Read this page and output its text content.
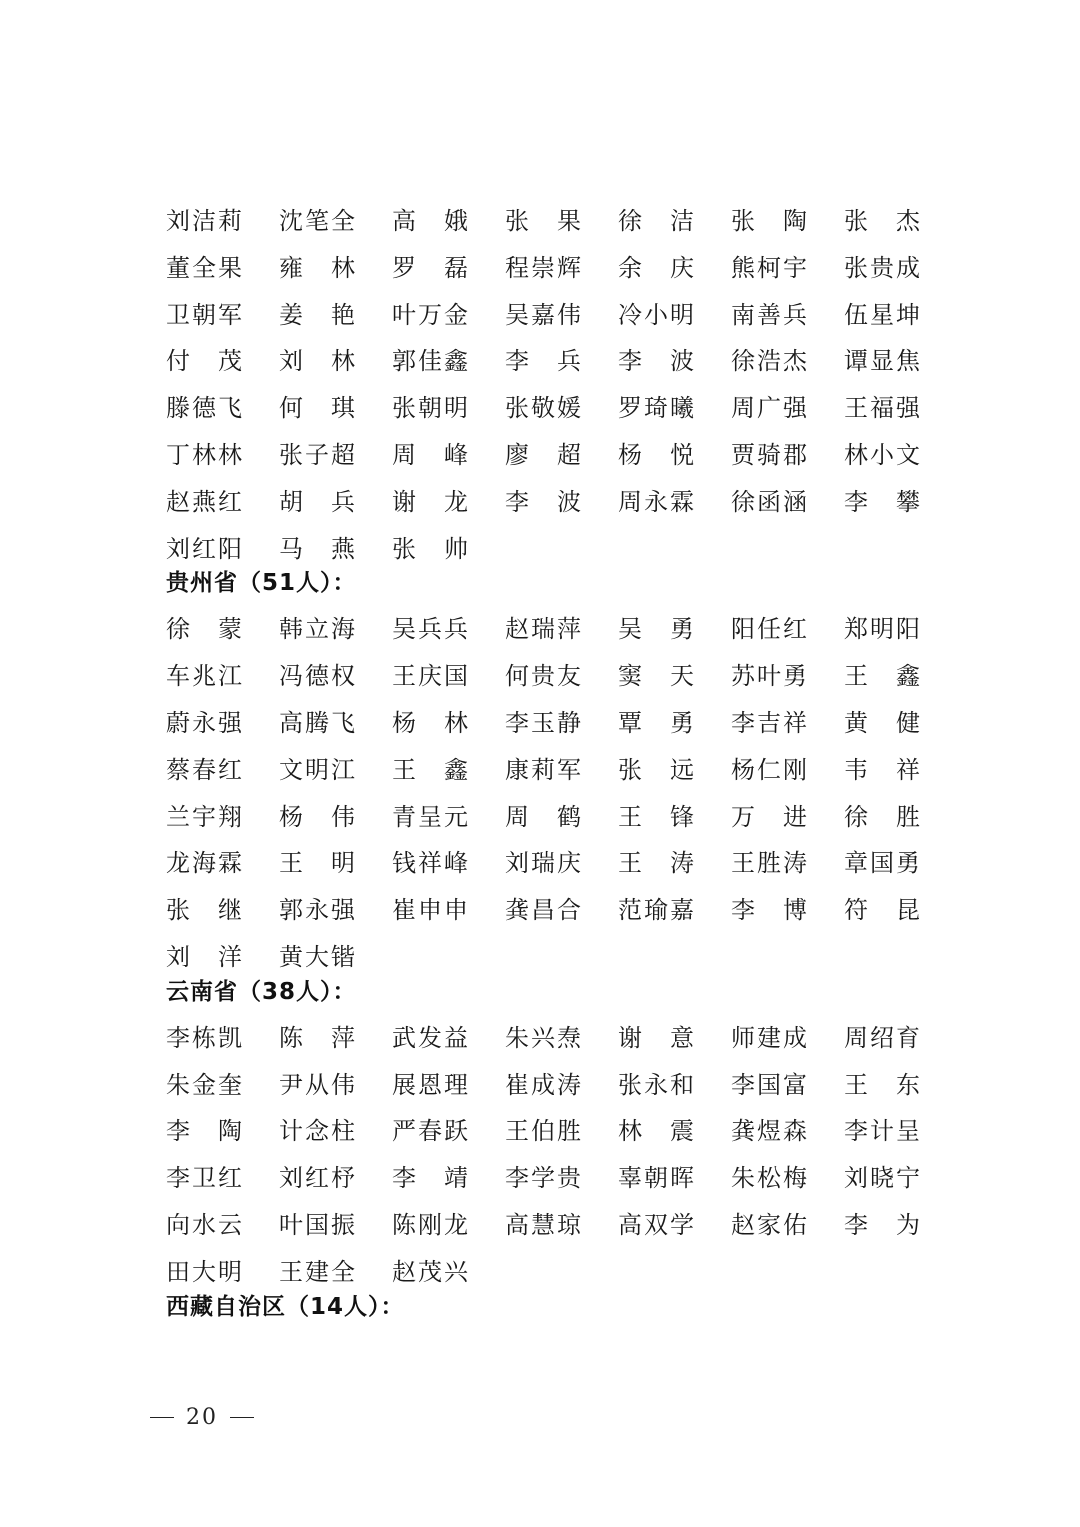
刘 洁 莉 沈 笔 全 高 娥 张 果 徐 洁 张 陶 张 杰
董 全 果 雍 林 罗 磊 程 崇 辉 余 庆 熊 柯 宇 张 贵 成
卫 朝 军 姜 艳 叶 万 金 吴 嘉 伟 冷 小 明 南 善 兵 伍 星 坤
付 茂 刘 林 郭 佳 鑫 李 兵 李 波 徐 浩 杰 谭 显 焦
滕 德 飞 何 琪 张 朝 明 张 敬 媛 罗 琦 曦 周 广 强 王 福 强
丁 林 林 张 子 超 周 峰 廖 超 杨 悦 贾 骑 郡 林 小 文
赵 燕 红 胡 兵 谢 龙 李 波 周 永 霖 徐 函 涵 李 攀
刘 红 阳 马 燕 张 帅
贵州省（51人）：
徐 蒙 韩 立 海 吴 兵 兵 赵 瑞 萍 吴 勇 阳 任 红 郑 明 阳
车 兆 江 冯 德 权 王 庆 国 何 贵 友 窦 天 苏 叶 勇 王 鑫
蔚 永 强 高 腾 飞 杨 林 李 玉 静 覃 勇 李 吉 祥 黄 健
蔡 春 红 文 明 江 王 鑫 康 莉 军 张 远 杨 仁 刚 韦 祥
兰 宇 翔 杨 伟 青 呈 元 周 鹤 王 锋 万 进 徐 胜
龙 海 霖 王 明 钱 祥 峰 刘 瑞 庆 王 涛 王 胜 涛 章 国 勇
张 继 郭 永 强 崔 申 申 龚 昌 合 范 瑜 嘉 李 博 符 昆
刘 洋 黄 大 锴
云南省（38人）：
李 栋 凯 陈 萍 武 发 益 朱 兴 焘 谢 意 师 建 成 周 绍 育
朱 金 奎 尹 从 伟 展 恩 理 崔 成 涛 张 永 和 李 国 富 王 东
李 陶 计 念 柱 严 春 跃 王 伯 胜 林 震 龚 煜 森 李 计 呈
李 卫 红 刘 红 杼 李 靖 李 学 贵 辜 朝 晖 朱 松 梅 刘 晓 宁
向 水 云 叶 国 振 陈 刚 龙 高 慧 琼 高 双 学 赵 家 佑 李 为
田 大 明 王 建 全 赵 茂 兴
西藏自治区（14人）：
20
